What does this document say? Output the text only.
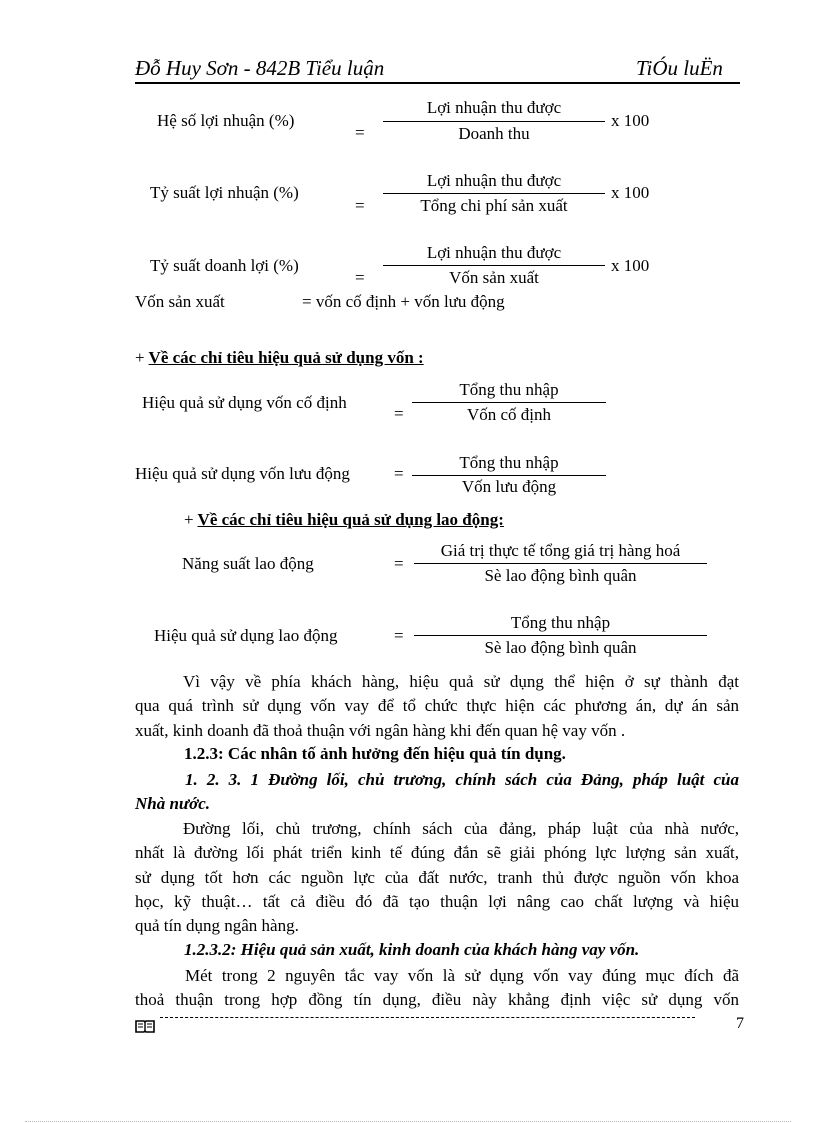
Đỗ Huy Sơn - 842B Tiểu luận	TiÓu luËn
Hệ số lợi nhuận (%)
=
Lợi nhuận thu được
Doanh thu
x 100
Tỷ suất lợi nhuận (%)
=
Lợi nhuận thu được
Tổng chi phí sản xuất
x 100
Tỷ suất doanh lợi (%)
=
Lợi nhuận thu được
Vốn sản xuất
x 100
Vốn sản xuất	= vốn cố định + vốn lưu động
+ Về các chỉ tiêu hiệu quả sử dụng vốn :
Hiệu quả sử dụng vốn cố định
=
Tổng thu nhập
Vốn cố định
Hiệu quả sử dụng vốn lưu động	=
Tổng thu nhập
Vốn lưu động
+ Về các chỉ tiêu hiệu quả sử dụng lao động:
Năng suất lao động	=
Giá trị thực tế tổng giá trị hàng hoá
Sè lao động bình quân
Hiệu quả sử dụng lao động	=
Tổng thu nhập
Sè lao động bình quân
Vì vậy về phía khách hàng, hiệu quả sử dụng thể hiện ở sự thành đạt
qua quá trình sử dụng vốn vay để tổ chức thực hiện các phương án, dự án sản
xuất, kinh doanh đã thoả thuận với ngân hàng khi đến quan hệ vay vốn .
1.2.3: Các nhân tố ảnh hưởng đến hiệu quả tín dụng.
1. 2. 3. 1 Đường lối, chủ trương, chính sách của Đảng, pháp luật của
Nhà nước.
Đường lối, chủ trương, chính sách của đảng, pháp luật của nhà nước,
nhất là đường lối phát triển kinh tế đúng đắn sẽ giải phóng lực lượng sản xuất,
sử dụng tốt hơn các nguồn lực của đất nước, tranh thủ được nguồn vốn khoa
học, kỹ thuật… tất cả điều đó đã tạo thuận lợi nâng cao chất lượng và hiệu
quả tín dụng ngân hàng.
1.2.3.2: Hiệu quả sản xuất, kinh doanh của khách hàng vay vốn.
Mét trong 2 nguyên tắc vay vốn là sử dụng vốn vay đúng mục đích đã
thoả thuận trong hợp đồng tín dụng, điều này khẳng định việc sử dụng vốn
7
